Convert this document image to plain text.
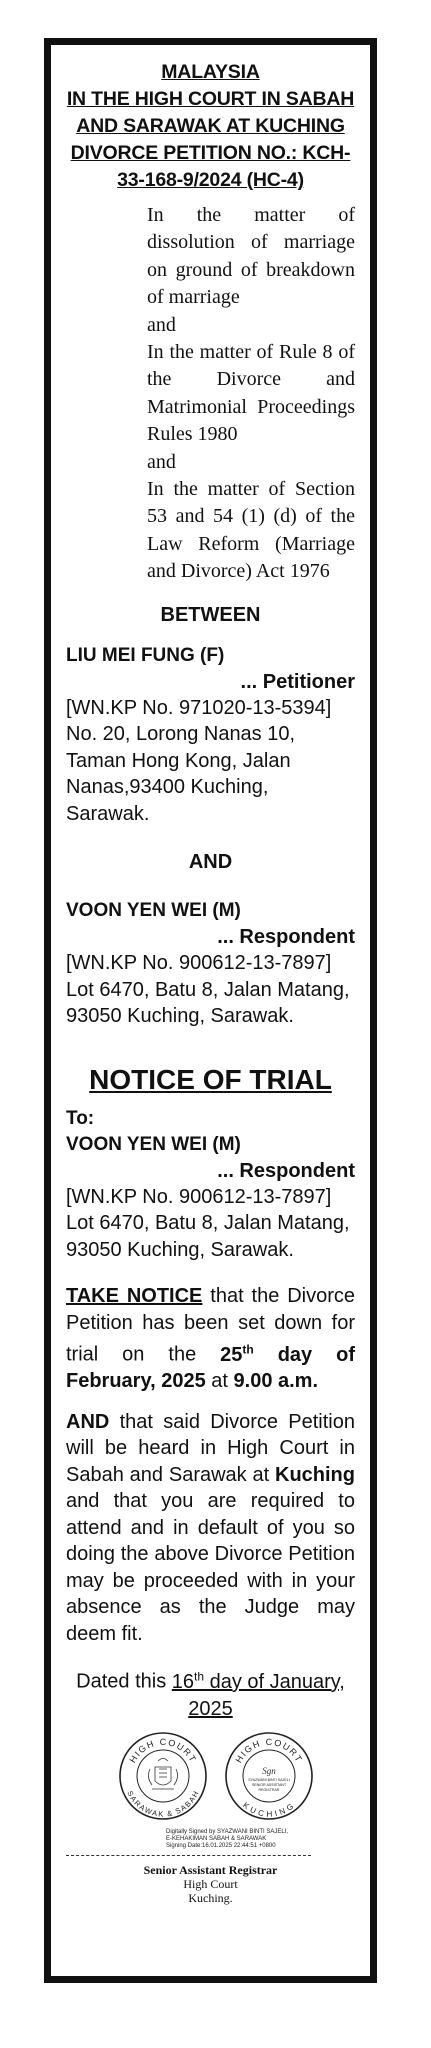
MALAYSIA
IN THE HIGH COURT IN SABAH
AND SARAWAK AT KUCHING
DIVORCE PETITION NO.: KCH-
33-168-9/2024 (HC-4)

In the matter of dissolution of marriage on ground of breakdown of marriage

and

In the matter of Rule 8 of the Divorce and Matrimonial Proceedings Rules 1980

and

In the matter of Section 53 and 54 (1) (d) of the Law Reform (Marriage and Divorce) Act 1976

BETWEEN
LIU MEI FUNG (F)
... Petitioner
[WN.KP No. 971020-13-5394]
No. 20, Lorong Nanas 10,
Taman Hong Kong, Jalan
Nanas,93400 Kuching,
Sarawak.
AND
VOON YEN WEI (M)
... Respondent
[WN.KP No. 900612-13-7897]
Lot 6470, Batu 8, Jalan Matang,
93050 Kuching, Sarawak.
NOTICE OF TRIAL
To:
VOON YEN WEI (M)
... Respondent
[WN.KP No. 900612-13-7897]
Lot 6470, Batu 8, Jalan Matang,
93050 Kuching, Sarawak.
TAKE NOTICE that the Divorce Petition has been set down for trial on the 25th day of February, 2025 at 9.00 a.m.
AND that said Divorce Petition will be heard in High Court in Sabah and Sarawak at Kuching and that you are required to attend and in default of you so doing the above Divorce Petition may be proceeded with in your absence as the Judge may deem fit.
Dated this 16th day of January,
2025
HIGH COURT
SARAWAK & SABAH
HIGH COURT
KUCHING
Sgn
SYAZWANI BINTI SAJELI
SENIOR ASSISTANT
REGISTRAR
Digitally Signed by SYAZWANI BINTI SAJELI,
E-KEHAKIMAN SABAH & SARAWAK
Signing Date:16.01.2025 22:44:51 +0800
Senior Assistant Registrar
High Court
Kuching.
